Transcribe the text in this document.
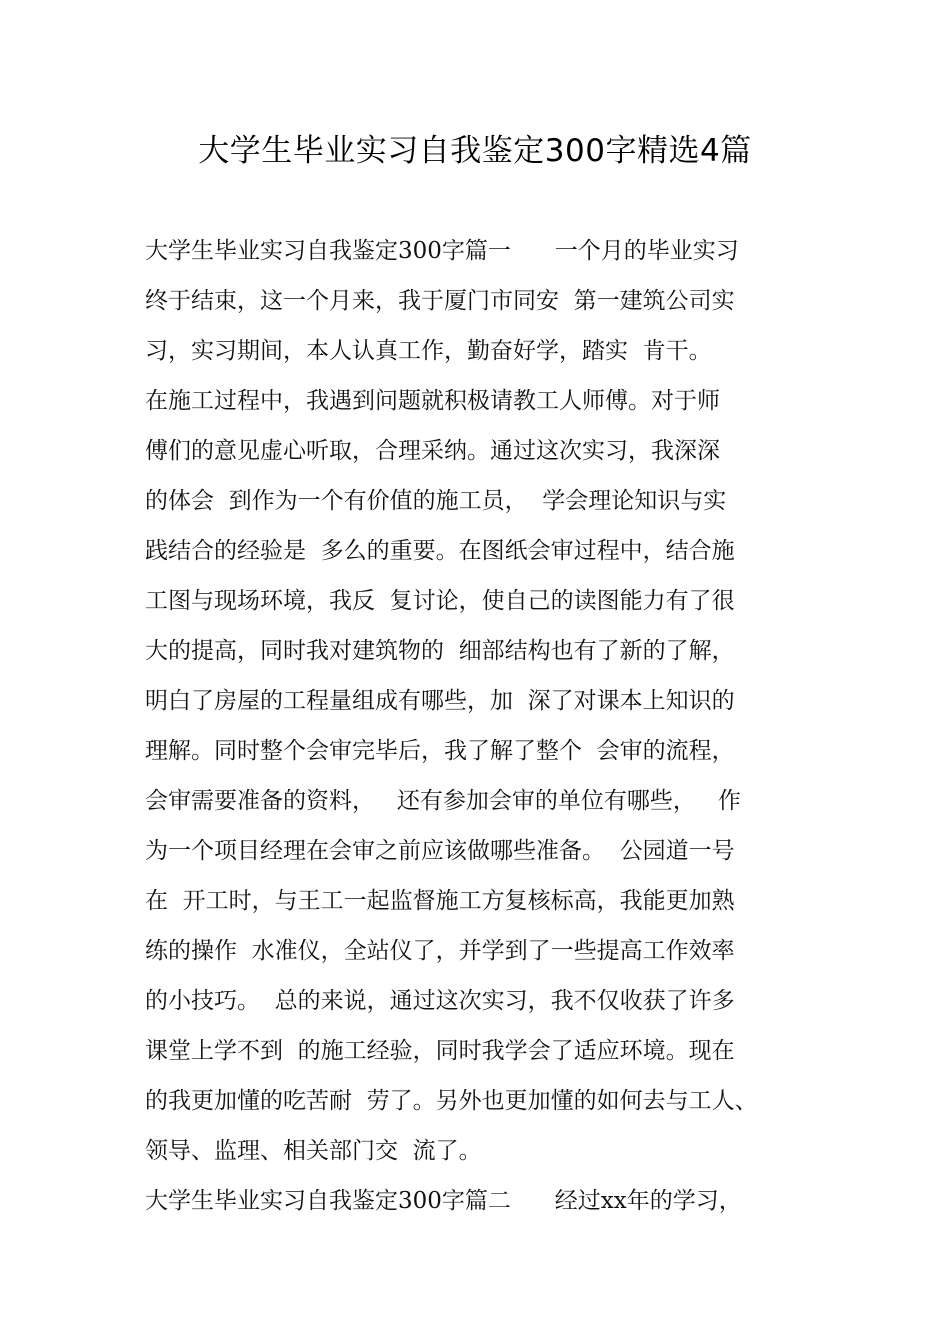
大学生毕业实习自我鉴定300字精选4篇
大学生毕业实习自我鉴定300字篇一      一个月的毕业实习
终于结束，这一个月来，我于厦门市同安  第一建筑公司实
习，实习期间，本人认真工作，勤奋好学，踏实  肯干。
在施工过程中，我遇到问题就积极请教工人师傅。对于师
傅们的意见虚心听取，合理采纳。通过这次实习，我深深
的体会  到作为一个有价值的施工员，  学会理论知识与实
践结合的经验是  多么的重要。在图纸会审过程中，结合施
工图与现场环境，我反  复讨论，使自己的读图能力有了很
大的提高，同时我对建筑物的  细部结构也有了新的了解，
明白了房屋的工程量组成有哪些，加  深了对课本上知识的
理解。同时整个会审完毕后，我了解了整个  会审的流程，
会审需要准备的资料，   还有参加会审的单位有哪些，   作
为一个项目经理在会审之前应该做哪些准备。  公园道一号
在  开工时，与王工一起监督施工方复核标高，我能更加熟
练的操作  水准仪，全站仪了，并学到了一些提高工作效率
的小技巧。  总的来说，通过这次实习，我不仅收获了许多
课堂上学不到  的施工经验，同时我学会了适应环境。现在
的我更加懂的吃苦耐  劳了。另外也更加懂的如何去与工人、
领导、监理、相关部门交  流了。
大学生毕业实习自我鉴定300字篇二      经过xx年的学习，
